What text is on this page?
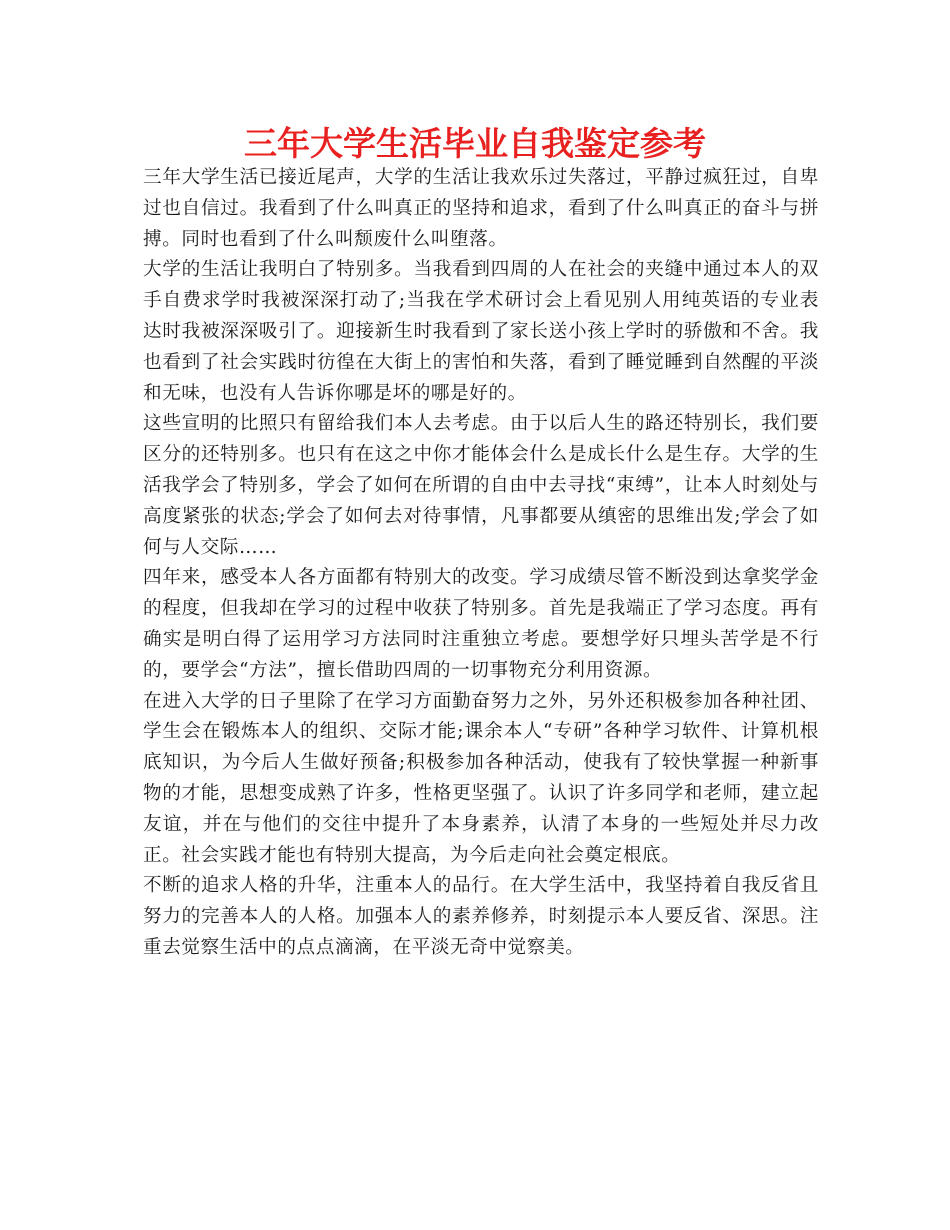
三年大学生活毕业自我鉴定参考

三年大学生活已接近尾声，大学的生活让我欢乐过失落过，平静过疯狂过，自卑过也自信过。我看到了什么叫真正的坚持和追求，看到了什么叫真正的奋斗与拼搏。同时也看到了什么叫颓废什么叫堕落。

大学的生活让我明白了特别多。当我看到四周的人在社会的夹缝中通过本人的双手自费求学时我被深深打动了;当我在学术研讨会上看见别人用纯英语的专业表达时我被深深吸引了。迎接新生时我看到了家长送小孩上学时的骄傲和不舍。我也看到了社会实践时彷徨在大街上的害怕和失落，看到了睡觉睡到自然醒的平淡和无味，也没有人告诉你哪是坏的哪是好的。

这些宣明的比照只有留给我们本人去考虑。由于以后人生的路还特别长，我们要区分的还特别多。也只有在这之中你才能体会什么是成长什么是生存。大学的生活我学会了特别多，学会了如何在所谓的自由中去寻找“束缚”，让本人时刻处与高度紧张的状态;学会了如何去对待事情，凡事都要从缜密的思维出发;学会了如何与人交际……

四年来，感受本人各方面都有特别大的改变。学习成绩尽管不断没到达拿奖学金的程度，但我却在学习的过程中收获了特别多。首先是我端正了学习态度。再有确实是明白得了运用学习方法同时注重独立考虑。要想学好只埋头苦学是不行的，要学会“方法”，擅长借助四周的一切事物充分利用资源。

在进入大学的日子里除了在学习方面勤奋努力之外，另外还积极参加各种社团、学生会在锻炼本人的组织、交际才能;课余本人“专研”各种学习软件、计算机根底知识，为今后人生做好预备;积极参加各种活动，使我有了较快掌握一种新事物的才能，思想变成熟了许多，性格更坚强了。认识了许多同学和老师，建立起友谊，并在与他们的交往中提升了本身素养，认清了本身的一些短处并尽力改正。社会实践才能也有特别大提高，为今后走向社会奠定根底。

不断的追求人格的升华，注重本人的品行。在大学生活中，我坚持着自我反省且努力的完善本人的人格。加强本人的素养修养，时刻提示本人要反省、深思。注重去觉察生活中的点点滴滴，在平淡无奇中觉察美。
